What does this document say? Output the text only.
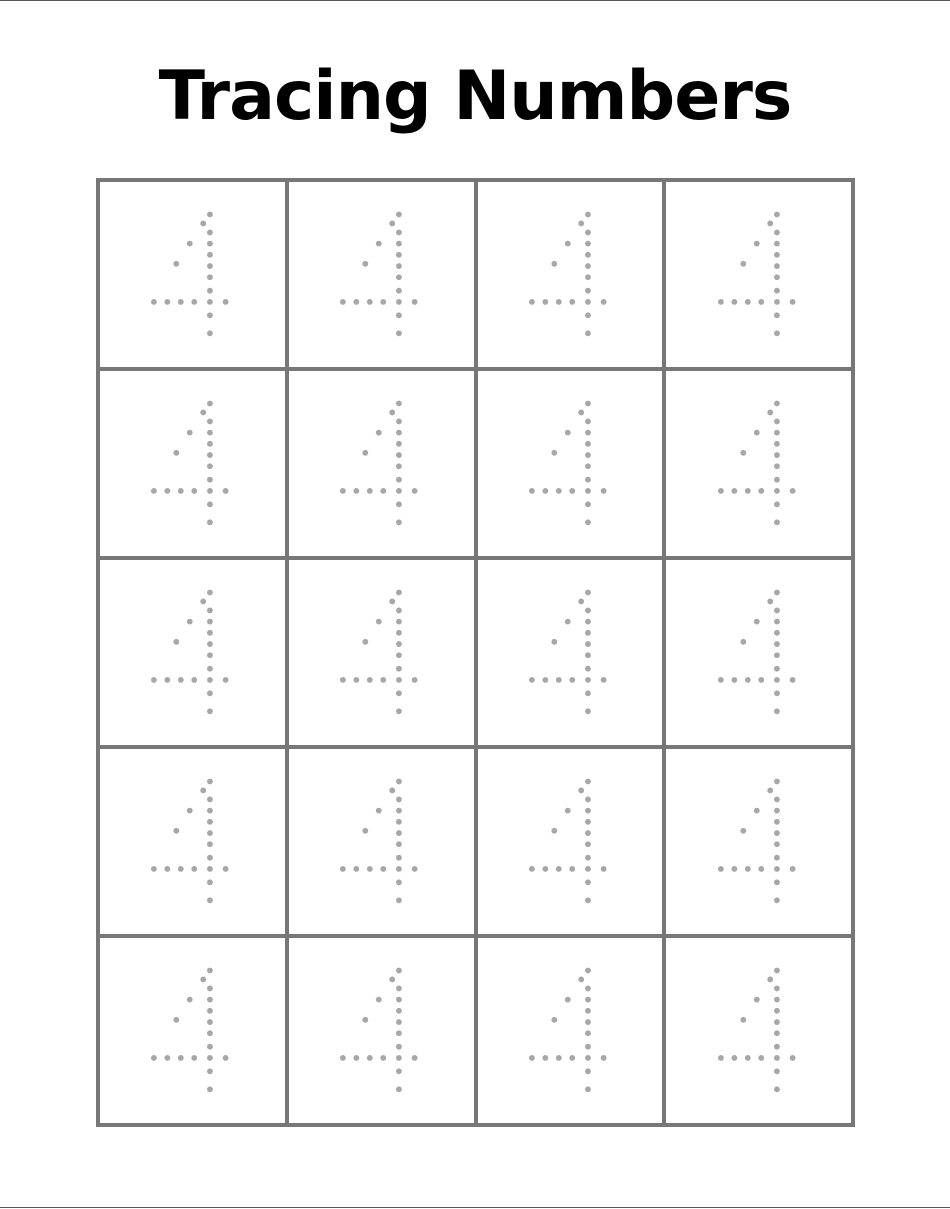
Tracing Numbers
